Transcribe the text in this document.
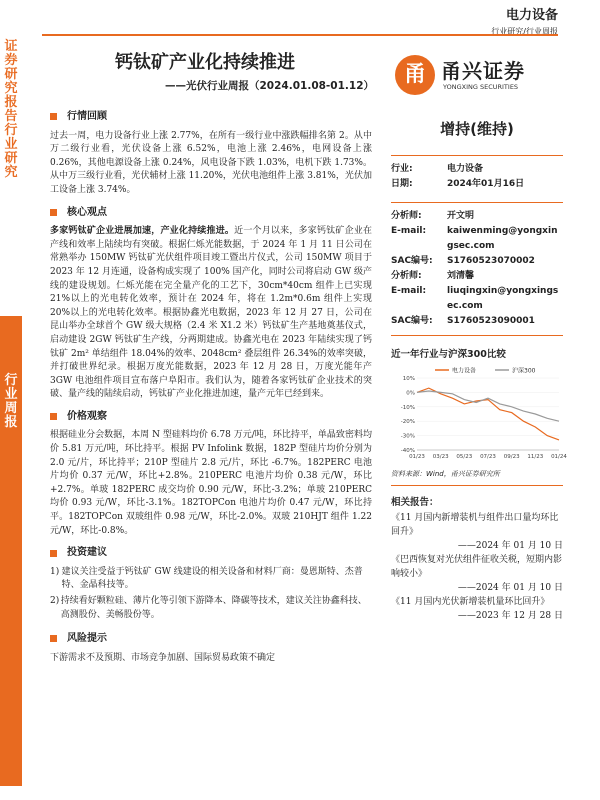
证券研究报告 行业研究
行业周报
电力设备
行业研究/行业周报
钙钛矿产业化持续推进
——光伏行业周报（2024.01.08-01.12）	甬 甬兴证券
YONGXING SECURITIES
行情回顾
过去一周，电力设备行业上涨 2.77%，在所有一级行业中涨跌幅排名第 2。从中万二级行业看，光伏设备上涨 6.52%，电池上涨 2.46%，电网设备上涨 0.26%，其他电源设备上涨 0.24%，风电设备下跌 1.03%，电机下跌 1.73%。从中万三级行业看，光伏辅材上涨 11.20%，光伏电池组件上涨 3.81%，光伏加工设备上涨 3.74%。
核心观点
多家钙钛矿企业进展加速，产业化持续推进。近一个月以来，多家钙钛矿企业在产线和效率上陆续均有突破。根据仁烁光能数据，于 2024 年 1 月 11 日公司在常熟举办 150MW 钙钛矿光伏组件项目竣工暨出片仪式，公司 150MW 项目于 2023 年 12 月连通，设备构成实现了 100% 国产化，同时公司将启动 GW 级产线的建设规划。仁烁光能在完全量产化的工艺下，30cm*40cm 组件上已实现 21%以上的光电转化效率，预计在 2024 年，将在 1.2m*0.6m 组件上实现 20%以上的光电转化效率。根据协鑫光电数据，2023 年 12 月 27 日，公司在昆山举办全球首个 GW 级大规格（2.4 米 X1.2 米）钙钛矿生产基地奠基仪式，启动建设 2GW 钙钛矿生产线，分两期建成。协鑫光电在 2023 年陆续实现了钙钛矿 2m² 单结组件 18.04%的效率、2048cm² 叠层组件 26.34%的效率突破，并打破世界纪录。根据万度光能数据，2023 年 12 月 28 日，万度光能年产 3GW 电池组件项目宣布落户阜阳市。我们认为，随着各家钙钛矿企业技术的突破、量产线的陆续启动，钙钛矿产业化推进加速，量产元年已经到来。
价格观察
根据硅业分会数据，本周 N 型硅料均价 6.78 万元/吨，环比持平，单晶致密料均价 5.81 万元/吨，环比持平。根据 PV Infolink 数据，182P 型硅片均价分别为 2.0 元/片，环比持平；210P 型硅片 2.8 元/片，环比 -6.7%。182PERC 电池片均价 0.37 元/W，环比+2.8%。210PERC 电池片均价 0.38 元/W，环比+2.7%。单玻 182PERC 成交均价 0.90 元/W，环比-3.2%；单玻 210PERC 均价 0.93 元/W，环比-3.1%。182TOPCon 电池片均价 0.47 元/W，环比持平。182TOPCon 双玻组件 0.98 元/W，环比-2.0%。双玻 210HJT 组件 1.22 元/W，环比-0.8%。
投资建议
1) 建议关注受益于钙钛矿 GW 线建设的相关设备和材料厂商：曼恩斯特、杰普特、金晶科技等。
2) 持续看好颗粒硅、薄片化等引领下游降本、降碳等技术，建议关注协鑫科技、高测股份、美畅股份等。
风险提示
下游需求不及预期、市场竞争加剧、国际贸易政策不确定
增持(维持)
行业:	电力设备
日期:	2024年01月16日
分析师:	开文明
E-mail:	kaiwenming@yongxingsec.com
SAC编号:	S1760523070002
分析师:	刘清馨
E-mail:	liuqingxin@yongxingsec.com
SAC编号:	S1760523090001
近一年行业与沪深300比较
电力设备	沪深300
10%
0%
-10%
-20%
-30%
-40%
01/23 03/23 05/23 07/23 09/23 11/23 01/24
资料来源：Wind，甬兴证券研究所
相关报告：
《11 月国内新增装机与组件出口量均环比回升》
——2024 年 01 月 10 日
《巴西恢复对光伏组件征收关税，短期内影响较小》
——2024 年 01 月 10 日
《11 月国内光伏新增装机量环比回升》
——2023 年 12 月 28 日
